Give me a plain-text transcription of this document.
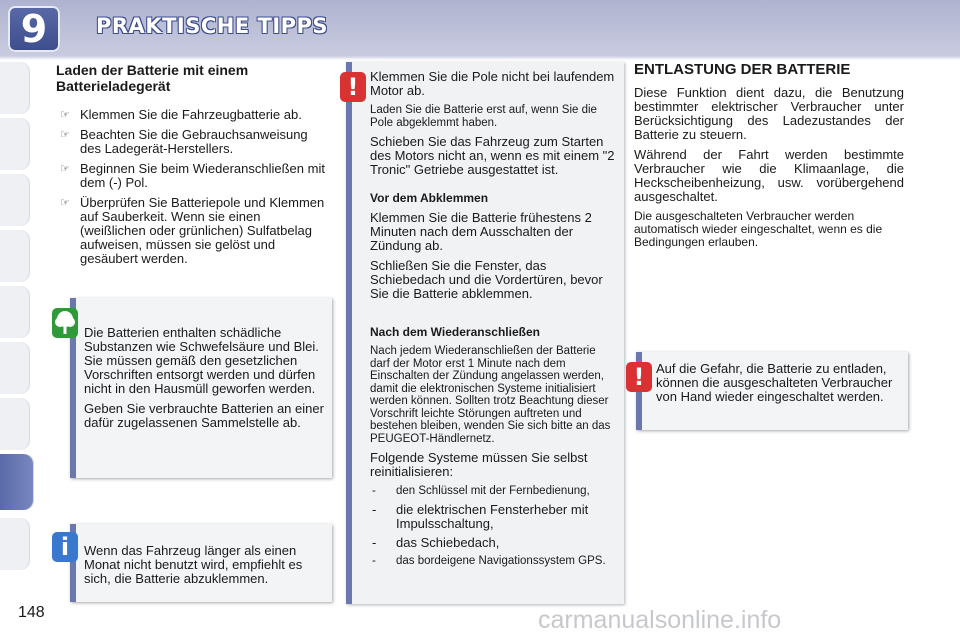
9	PRAKTISCHE TIPPS

Laden der Batterie mit einem Batterieladegerät

☞ Klemmen Sie die Fahrzeugbatterie ab.
☞ Beachten Sie die Gebrauchsanweisung des Ladegerät-Herstellers.
☞ Beginnen Sie beim Wiederanschließen mit dem (-) Pol.
☞ Überprüfen Sie Batteriepole und Klemmen auf Sauberkeit. Wenn sie einen (weißlichen oder grünlichen) Sulfatbelag aufweisen, müssen sie gelöst und gesäubert werden.

Die Batterien enthalten schädliche Substanzen wie Schwefelsäure und Blei. Sie müssen gemäß den gesetzlichen Vorschriften entsorgt werden und dürfen nicht in den Hausmüll geworfen werden.

Geben Sie verbrauchte Batterien an einer dafür zugelassenen Sammelstelle ab.

Wenn das Fahrzeug länger als einen Monat nicht benutzt wird, empfiehlt es sich, die Batterie abzuklemmen.

i

Klemmen Sie die Pole nicht bei laufendem Motor ab.

Laden Sie die Batterie erst auf, wenn Sie die Pole abgeklemmt haben.

Schieben Sie das Fahrzeug zum Starten des Motors nicht an, wenn es mit einem "2 Tronic" Getriebe ausgestattet ist.

Vor dem Abklemmen

Klemmen Sie die Batterie frühestens 2 Minuten nach dem Ausschalten der Zündung ab.

Schließen Sie die Fenster, das Schiebedach und die Vordertüren, bevor Sie die Batterie abklemmen.

Nach dem Wiederanschließen

Nach jedem Wiederanschließen der Batterie darf der Motor erst 1 Minute nach dem Einschalten der Zündung angelassen werden, damit die elektronischen Systeme initialisiert werden können. Sollten trotz Beachtung dieser Vorschrift leichte Störungen auftreten und bestehen bleiben, wenden Sie sich bitte an das PEUGEOT-Händlernetz.

Folgende Systeme müssen Sie selbst reinitialisieren:

- den Schlüssel mit der Fernbedienung,
- die elektrischen Fensterheber mit Impulsschaltung,
- das Schiebedach,
- das bordeigene Navigationssystem GPS.
!

ENTLASTUNG DER BATTERIE

Diese Funktion dient dazu, die Benutzung bestimmter elektrischer Verbraucher unter Berücksichtigung des Ladezustandes der Batterie zu steuern.

Während der Fahrt werden bestimmte Verbraucher wie die Klimaanlage, die Heckscheibenheizung, usw. vorübergehend ausgeschaltet.

Die ausgeschalteten Verbraucher werden automatisch wieder eingeschaltet, wenn es die Bedingungen erlauben.

Auf die Gefahr, die Batterie zu entladen, können die ausgeschalteten Verbraucher von Hand wieder eingeschaltet werden.

!
148	carmanualsonline.info
